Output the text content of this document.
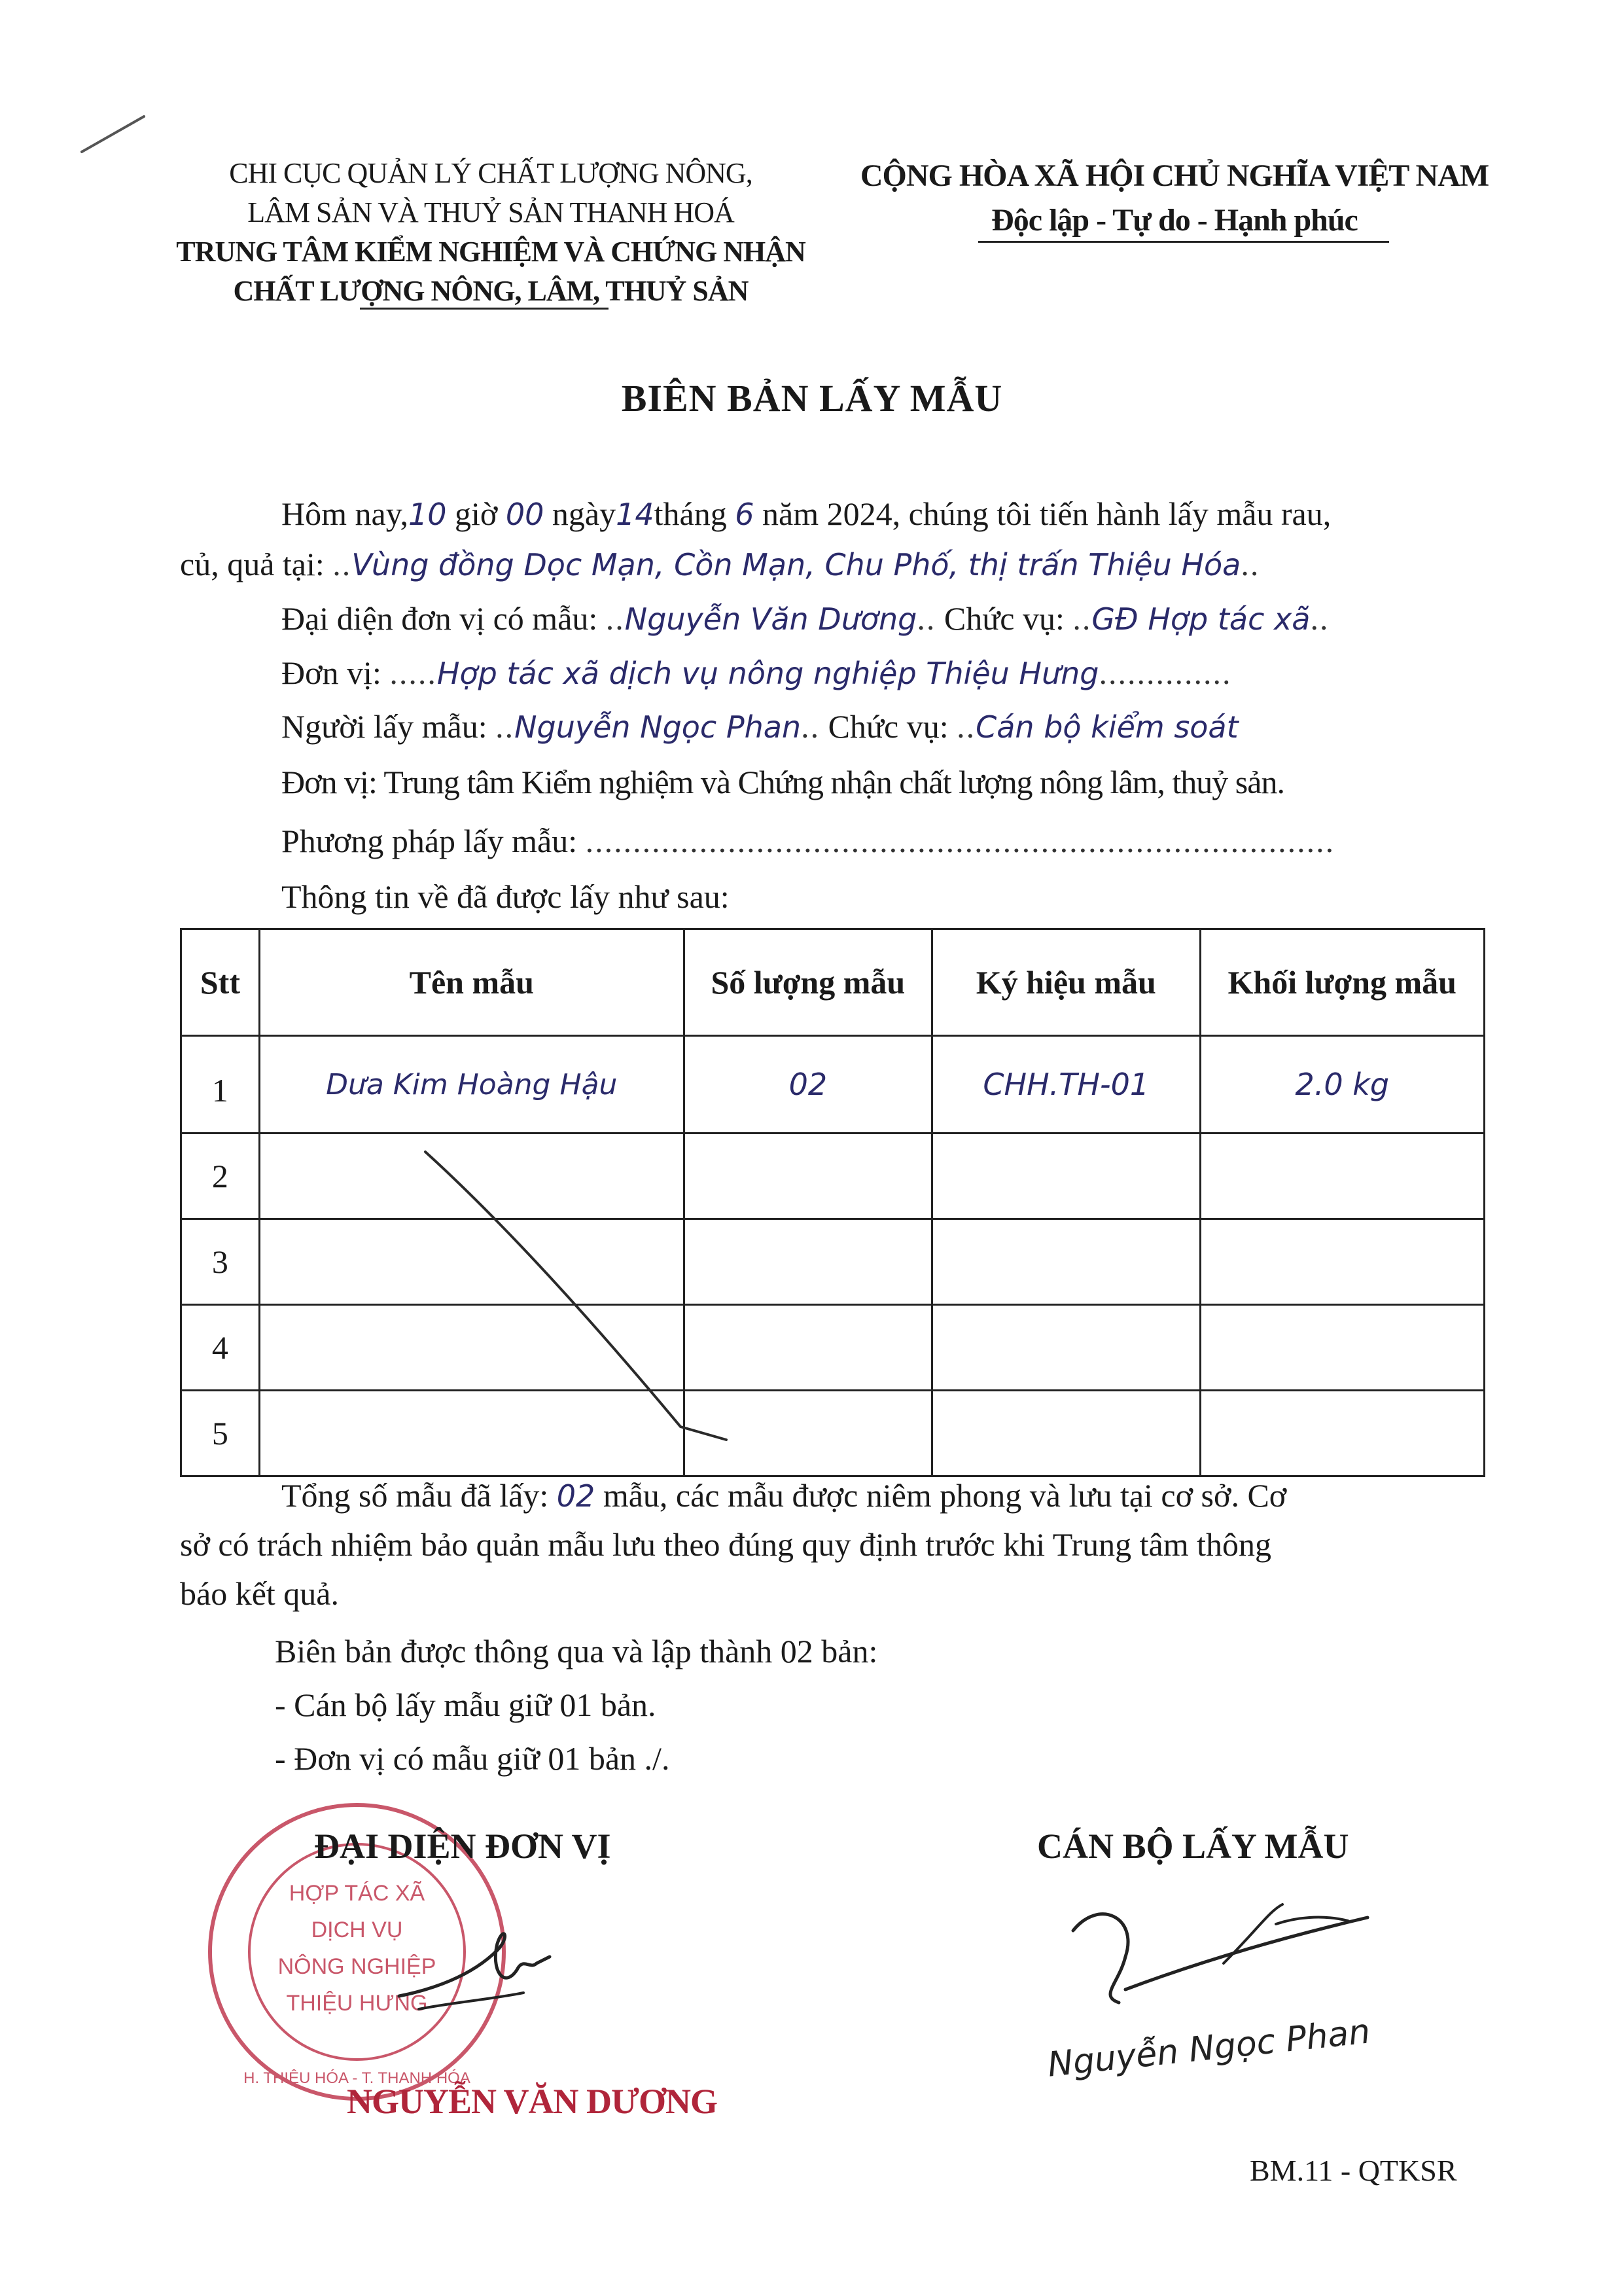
CHI CỤC QUẢN LÝ CHẤT LƯỢNG NÔNG,
LÂM SẢN VÀ THUỶ SẢN THANH HOÁ
TRUNG TÂM KIỂM NGHIỆM VÀ CHỨNG NHẬN
CHẤT LƯỢNG NÔNG, LÂM, THUỶ SẢN
CỘNG HÒA XÃ HỘI CHỦ NGHĨA VIỆT NAM
Độc lập - Tự do - Hạnh phúc
BIÊN BẢN LẤY MẪU
Hôm nay,10 giờ 00 ngày14tháng 6 năm 2024, chúng tôi tiến hành lấy mẫu rau,
củ, quả tại: ..Vùng đồng Dọc Mạn, Cồn Mạn, Chu Phố, thị trấn Thiệu Hóa..
Đại diện đơn vị có mẫu: ..Nguyễn Văn Dương.. Chức vụ: ..GĐ Hợp tác xã..
Đơn vị: .....Hợp tác xã dịch vụ nông nghiệp Thiệu Hưng..............
Người lấy mẫu: ..Nguyễn Ngọc Phan.. Chức vụ: ..Cán bộ kiểm soát
Đơn vị: Trung tâm Kiểm nghiệm và Chứng nhận chất lượng nông lâm, thuỷ sản.
Phương pháp lấy mẫu: ...............................................................................
Thông tin về đã được lấy như sau:
Stt	Tên mẫu	Số lượng mẫu	Ký hiệu mẫu	Khối lượng mẫu
1	Dưa Kim Hoàng Hậu	02	CHH.TH-01	2.0 kg
2				
3				
4				
5				
Tổng số mẫu đã lấy: 02 mẫu, các mẫu được niêm phong và lưu tại cơ sở. Cơ
sở có trách nhiệm bảo quản mẫu lưu theo đúng quy định trước khi Trung tâm thông
báo kết quả.
Biên bản được thông qua và lập thành 02 bản:
- Cán bộ lấy mẫu giữ 01 bản.
- Đơn vị có mẫu giữ 01 bản ./.
HỢP TÁC XÃ
DỊCH VỤ
NÔNG NGHIỆP
THIỆU HƯNG
H. THIỆU HÓA - T. THANH HÓA
ĐẠI DIỆN ĐƠN VỊ	CÁN BỘ LẤY MẪU
Nguyễn Ngọc Phan
NGUYỄN VĂN DƯƠNG
BM.11 - QTKSR
